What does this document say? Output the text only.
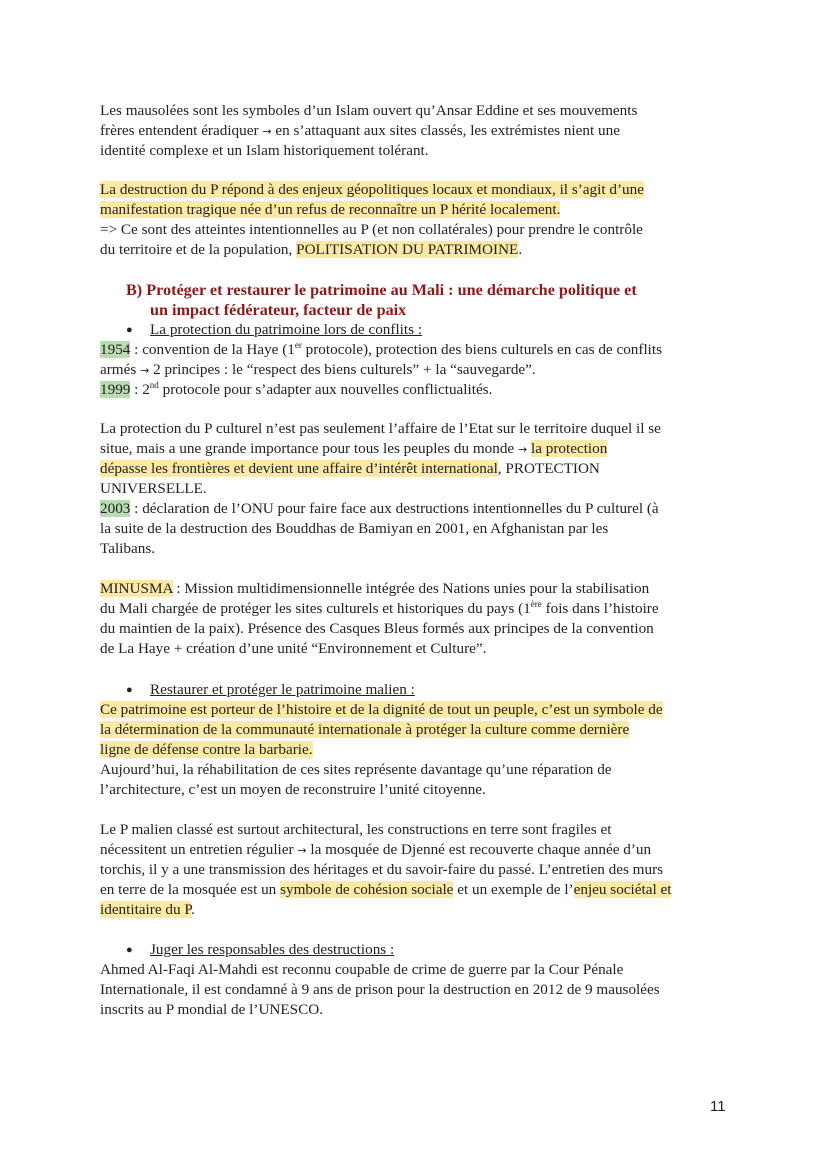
Les mausolées sont les symboles d’un Islam ouvert qu’Ansar Eddine et ses mouvements
frères entendent éradiquer → en s’attaquant aux sites classés, les extrémistes nient une
identité complexe et un Islam historiquement tolérant.
La destruction du P répond à des enjeux géopolitiques locaux et mondiaux, il s’agit d’une
manifestation tragique née d’un refus de reconnaître un P hérité localement.
=> Ce sont des atteintes intentionnelles au P (et non collatérales) pour prendre le contrôle
du territoire et de la population, POLITISATION DU PATRIMOINE.
B) Protéger et restaurer le patrimoine au Mali : une démarche politique et
un impact fédérateur, facteur de paix
● La protection du patrimoine lors de conflits :
1954 : convention de la Haye (1er protocole), protection des biens culturels en cas de conflits
armés → 2 principes : le “respect des biens culturels” + la “sauvegarde”.
1999 : 2nd protocole pour s’adapter aux nouvelles conflictualités.
La protection du P culturel n’est pas seulement l’affaire de l’Etat sur le territoire duquel il se
situe, mais a une grande importance pour tous les peuples du monde → la protection
dépasse les frontières et devient une affaire d’intérêt international, PROTECTION
UNIVERSELLE.
2003 : déclaration de l’ONU pour faire face aux destructions intentionnelles du P culturel (à
la suite de la destruction des Bouddhas de Bamiyan en 2001, en Afghanistan par les
Talibans.
MINUSMA : Mission multidimensionnelle intégrée des Nations unies pour la stabilisation
du Mali chargée de protéger les sites culturels et historiques du pays (1ère fois dans l’histoire
du maintien de la paix). Présence des Casques Bleus formés aux principes de la convention
de La Haye + création d’une unité “Environnement et Culture”.
● Restaurer et protéger le patrimoine malien :
Ce patrimoine est porteur de l’histoire et de la dignité de tout un peuple, c’est un symbole de
la détermination de la communauté internationale à protéger la culture comme dernière
ligne de défense contre la barbarie.
Aujourd’hui, la réhabilitation de ces sites représente davantage qu’une réparation de
l’architecture, c’est un moyen de reconstruire l’unité citoyenne.
Le P malien classé est surtout architectural, les constructions en terre sont fragiles et
nécessitent un entretien régulier → la mosquée de Djenné est recouverte chaque année d’un
torchis, il y a une transmission des héritages et du savoir-faire du passé. L’entretien des murs
en terre de la mosquée est un symbole de cohésion sociale et un exemple de l’enjeu sociétal et
identitaire du P.
● Juger les responsables des destructions :
Ahmed Al-Faqi Al-Mahdi est reconnu coupable de crime de guerre par la Cour Pénale
Internationale, il est condamné à 9 ans de prison pour la destruction en 2012 de 9 mausolées
inscrits au P mondial de l’UNESCO.
11
